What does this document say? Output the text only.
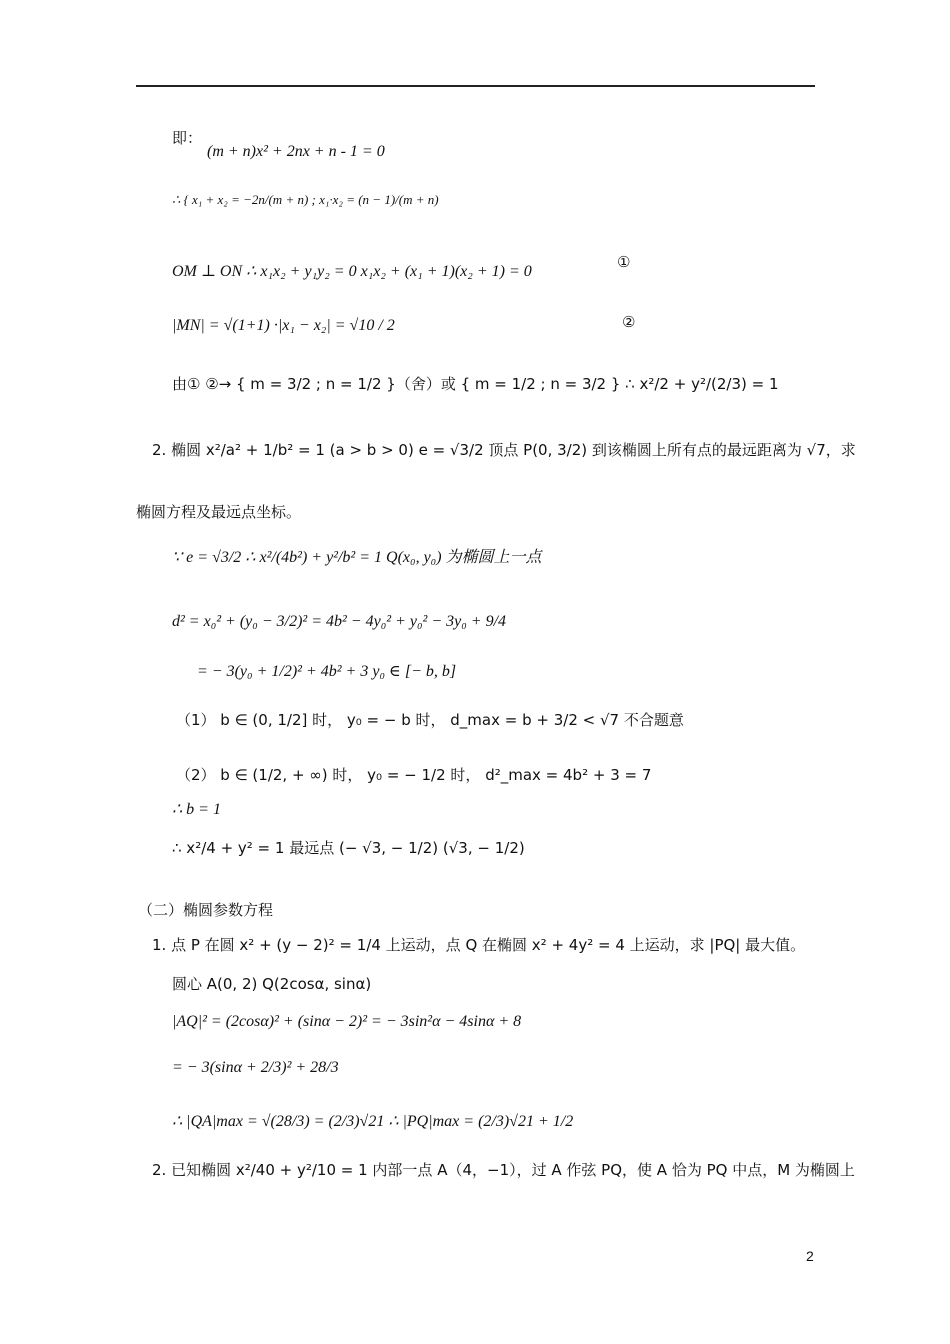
即：
(m + n)x² + 2nx + n - 1 = 0
∴ { x₁ + x₂ = −2n/(m + n) ; x₁·x₂ = (n − 1)/(m + n)
OM ⊥ ON ∴ x₁x₂ + y₁y₂ = 0 x₁x₂ + (x₁ + 1)(x₂ + 1) = 0
①
|MN| = √(1+1) ·|x₁ − x₂| = √10 / 2	②
由① ②→ { m = 3/2 ; n = 1/2 }（舍）或 { m = 1/2 ; n = 3/2 } ∴ x²/2 + y²/(2/3) = 1
2. 椭圆 x²/a² + 1/b² = 1 (a > b > 0) e = √3/2 顶点 P(0, 3/2) 到该椭圆上所有点的最远距离为 √7，求
椭圆方程及最远点坐标。
∵ e = √3/2 ∴ x²/(4b²) + y²/b² = 1 Q(x₀, y₀) 为椭圆上一点
d² = x₀² + (y₀ − 3/2)² = 4b² − 4y₀² + y₀² − 3y₀ + 9/4
= − 3(y₀ + 1/2)² + 4b² + 3 y₀ ∈ [− b, b]
（1） b ∈ (0, 1/2] 时， y₀ = − b 时， d_max = b + 3/2 < √7 不合题意
（2） b ∈ (1/2, + ∞) 时， y₀ = − 1/2 时， d²_max = 4b² + 3 = 7
∴ b = 1
∴ x²/4 + y² = 1 最远点 (− √3, − 1/2) (√3, − 1/2)
（二）椭圆参数方程
1. 点 P 在圆 x² + (y − 2)² = 1/4 上运动，点 Q 在椭圆 x² + 4y² = 4 上运动，求 |PQ| 最大值。
圆心 A(0, 2) Q(2cosα, sinα)
|AQ|² = (2cosα)² + (sinα − 2)² = − 3sin²α − 4sinα + 8
= − 3(sinα + 2/3)² + 28/3
∴ |QA|max = √(28/3) = (2/3)√21 ∴ |PQ|max = (2/3)√21 + 1/2
2. 已知椭圆 x²/40 + y²/10 = 1 内部一点 A（4，−1），过 A 作弦 PQ，使 A 恰为 PQ 中点，M 为椭圆上
2
